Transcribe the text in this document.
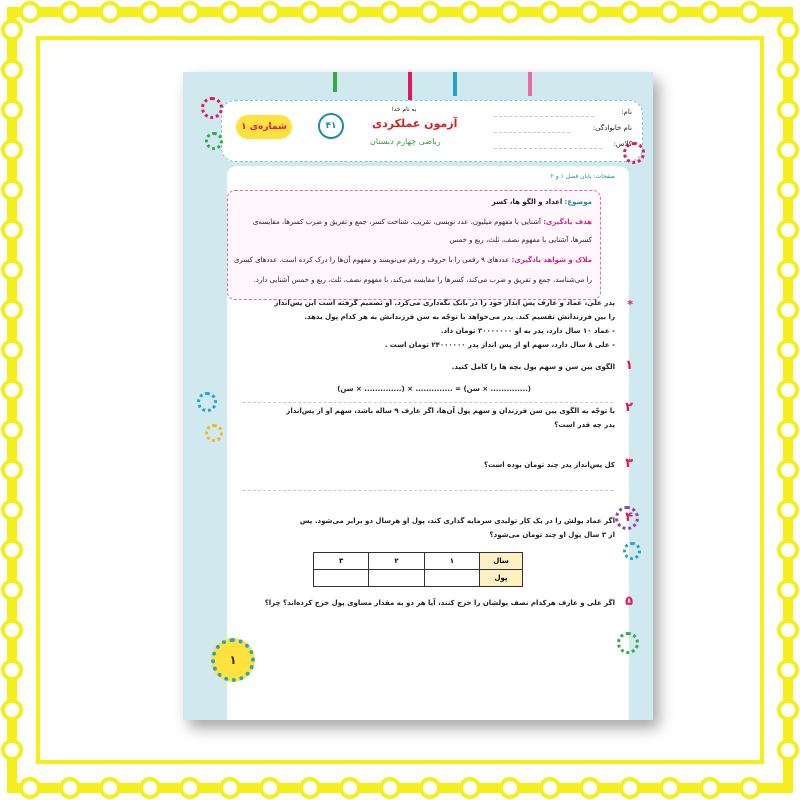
به نام خدا
آزمون عملکردی
ریاضی چهارم دبستان
۴۱
شماره‌ی ۱
نام:
نام خانوادگی:
کلاس:
صفحات: پایان فصل ۱ و ۲
موضوع: اعداد و الگو ها، کسر
هدف یادگیری: آشنایی با مفهوم میلیون، عدد نویسی، تقریب، شناخت کسر، جمع و تفریق و ضرب کسرها، مقایسه‌ی
کسرها، آشنایی با مفهوم نصف، ثلث، ربع و خمس
ملاک و شواهد یادگیری: عددهای ۹ رقمی را با حروف و رقم می‌نویسد و مفهوم آن‌ها را درک کرده است. عددهای کسری
را می‌شناسد، جمع و تفریق و ضرب می‌کند، کسرها را مقایسه می‌کند، با مفهوم نصف، ثلث، ربع و خمس آشنایی دارد.
پدر علی، عماد و عارف پس انداز خود را در بانک نگه‌داری می‌کرد. او تصمیم گرفته است این پس‌انداز
را بین فرزندانش تقسیم کند. پدر می‌خواهد با توجّه به سن فرزندانش به هر کدام پول بدهد.
- عماد ۱۰ سال دارد، پدر به او ۳۰۰۰۰۰۰۰ تومان داد.
- علی ۸ سال دارد، سهم او از پس انداز پدر ۲۴۰۰۰۰۰۰ تومان است .
*
۱
الگوی بین سن و سهم پول بچه ها را کامل کنید.
(.............. × سن) = .............. × (.............. × سن)
۲
با توجّه به الگوی بین سن فرزندان و سهم پول آن‌ها، اگر عارف ۹ ساله باشد، سهم او از پس‌انداز
پدر چه قدر است؟
۳
کل پس‌انداز پدر چند تومان بوده است؟
۴
اگر عماد پولش را در یک کار تولیدی سرمایه گذاری کند، پول او هرسال دو برابر می‌شود. پس
از ۳ سال پول او چند تومان می‌شود؟
۳	۲	۱	سال
			پول
۵
اگر علی و عارف هرکدام نصف پولشان را خرج کنند، آیا هر دو به مقدار مساوی پول خرج کرده‌اند؟ چرا؟
۱
